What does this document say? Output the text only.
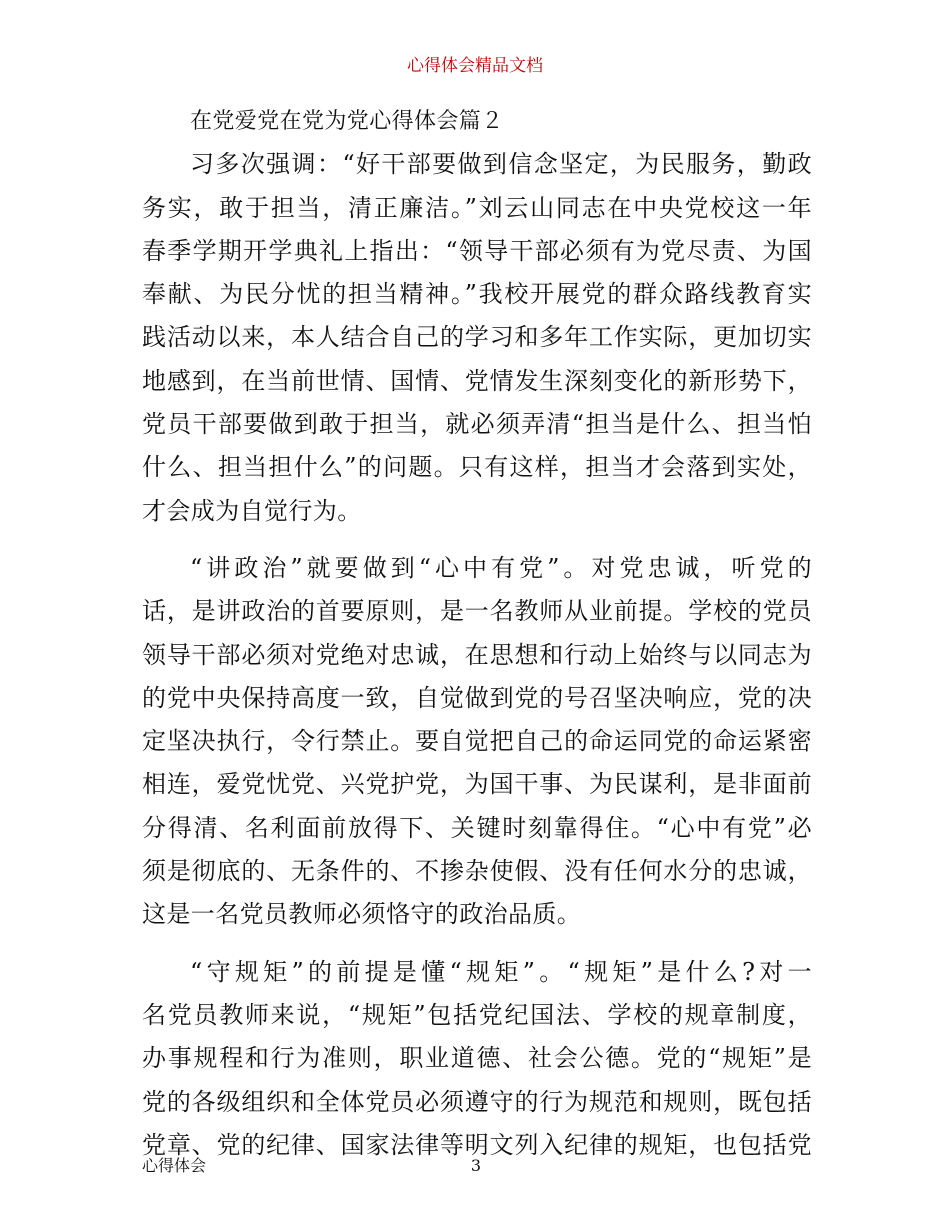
心得体会精品文档
在党爱党在党为党心得体会篇２
习多次强调：“好干部要做到信念坚定，为民服务，勤政
务实，敢于担当，清正廉洁。”刘云山同志在中央党校这一年
春季学期开学典礼上指出：“领导干部必须有为党尽责、为国
奉献、为民分忧的担当精神。”我校开展党的群众路线教育实
践活动以来，本人结合自己的学习和多年工作实际，更加切实
地感到，在当前世情、国情、党情发生深刻变化的新形势下，
党员干部要做到敢于担当，就必须弄清“担当是什么、担当怕
什么、担当担什么”的问题。只有这样，担当才会落到实处，
才会成为自觉行为。
“讲政治”就要做到“心中有党”。对党忠诚，听党的
话，是讲政治的首要原则，是一名教师从业前提。学校的党员
领导干部必须对党绝对忠诚，在思想和行动上始终与以同志为
的党中央保持高度一致，自觉做到党的号召坚决响应，党的决
定坚决执行，令行禁止。要自觉把自己的命运同党的命运紧密
相连，爱党忧党、兴党护党，为国干事、为民谋利，是非面前
分得清、名利面前放得下、关键时刻靠得住。“心中有党”必
须是彻底的、无条件的、不掺杂使假、没有任何水分的忠诚，
这是一名党员教师必须恪守的政治品质。
“守规矩”的前提是懂“规矩”。“规矩”是什么?对一
名党员教师来说，“规矩”包括党纪国法、学校的规章制度，
办事规程和行为准则，职业道德、社会公德。党的“规矩”是
党的各级组织和全体党员必须遵守的行为规范和规则，既包括
党章、党的纪律、国家法律等明文列入纪律的规矩，也包括党
心得体会	3
